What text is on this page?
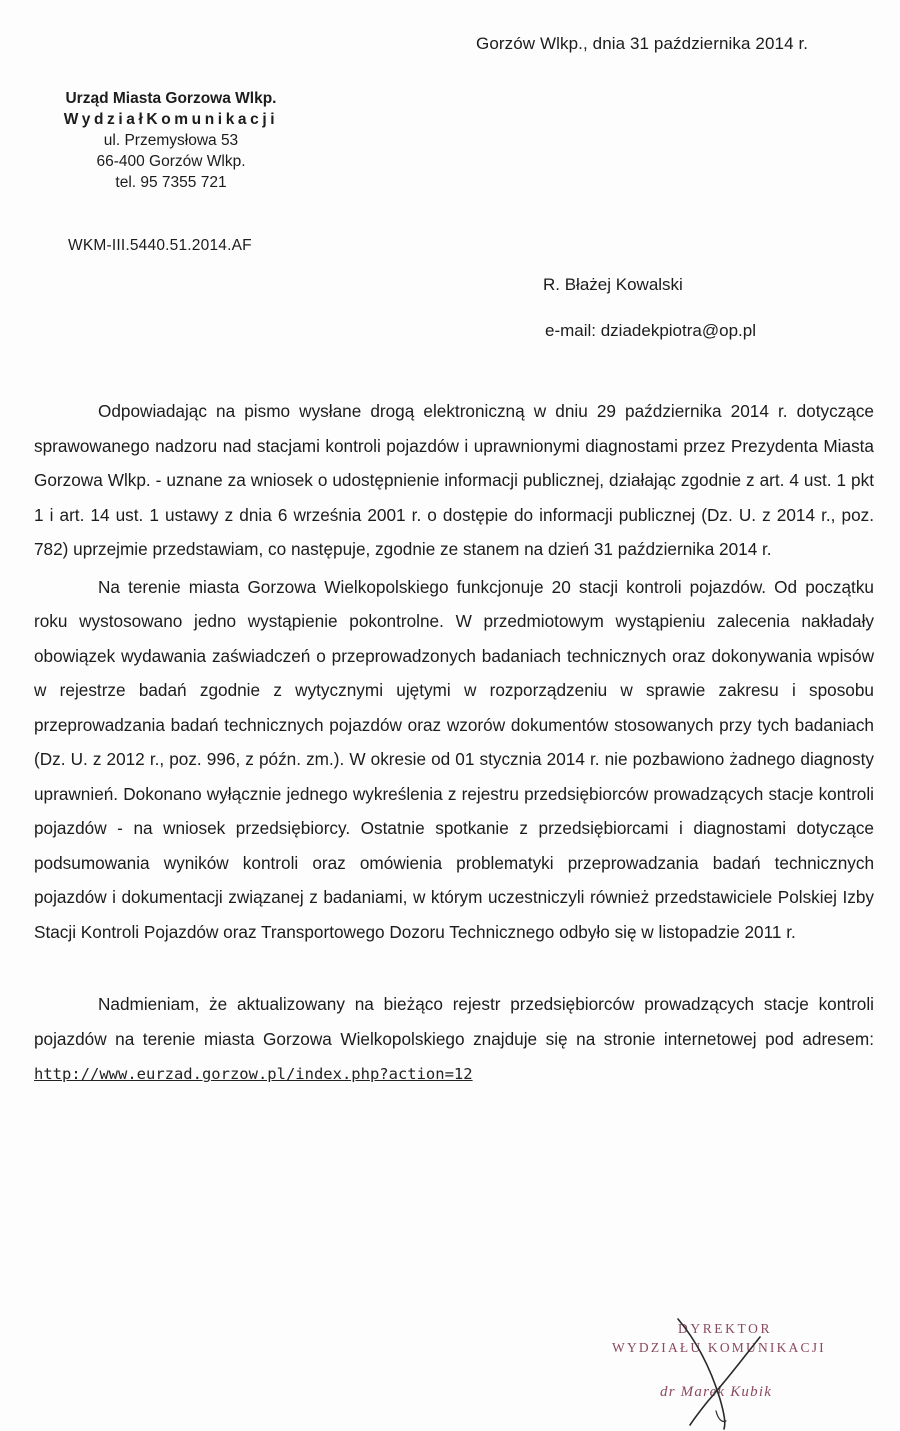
Gorzów Wlkp., dnia 31 października 2014 r.
Urząd Miasta Gorzowa Wlkp.
WydziałKomunikacji
ul. Przemysłowa 53
66-400 Gorzów Wlkp.
tel. 95 7355 721
WKM-III.5440.51.2014.AF
R. Błażej Kowalski
e-mail: dziadekpiotra@op.pl

Odpowiadając na pismo wysłane drogą elektroniczną w dniu 29 października 2014 r. dotyczące sprawowanego nadzoru nad stacjami kontroli pojazdów i uprawnionymi diagnostami przez Prezydenta Miasta Gorzowa Wlkp. - uznane za wniosek o udostępnienie informacji publicznej, działając zgodnie z art. 4 ust. 1 pkt 1 i art. 14 ust. 1 ustawy z dnia 6 września 2001 r. o dostępie do informacji publicznej (Dz. U. z 2014 r., poz. 782) uprzejmie przedstawiam, co następuje, zgodnie ze stanem na dzień 31 października 2014 r.

Na terenie miasta Gorzowa Wielkopolskiego funkcjonuje 20 stacji kontroli pojazdów. Od początku roku wystosowano jedno wystąpienie pokontrolne. W przedmiotowym wystąpieniu zalecenia nakładały obowiązek wydawania zaświadczeń o przeprowadzonych badaniach technicznych oraz dokonywania wpisów w rejestrze badań zgodnie z wytycznymi ujętymi w rozporządzeniu w sprawie zakresu i sposobu przeprowadzania badań technicznych pojazdów oraz wzorów dokumentów stosowanych przy tych badaniach (Dz. U. z 2012 r., poz. 996, z późn. zm.). W okresie od 01 stycznia 2014 r. nie pozbawiono żadnego diagnosty uprawnień. Dokonano wyłącznie jednego wykreślenia z rejestru przedsiębiorców prowadzących stacje kontroli pojazdów - na wniosek przedsiębiorcy. Ostatnie spotkanie z przedsiębiorcami i diagnostami dotyczące podsumowania wyników kontroli oraz omówienia problematyki przeprowadzania badań technicznych pojazdów i dokumentacji związanej z badaniami, w którym uczestniczyli również przedstawiciele Polskiej Izby Stacji Kontroli Pojazdów oraz Transportowego Dozoru Technicznego odbyło się w listopadzie 2011 r.

Nadmieniam, że aktualizowany na bieżąco rejestr przedsiębiorców prowadzących stacje kontroli pojazdów na terenie miasta Gorzowa Wielkopolskiego znajduje się na stronie internetowej pod adresem: http://www.eurzad.gorzow.pl/index.php?action=12

DYREKTOR
WYDZIAŁU KOMUNIKACJI
dr Marek Kubik
